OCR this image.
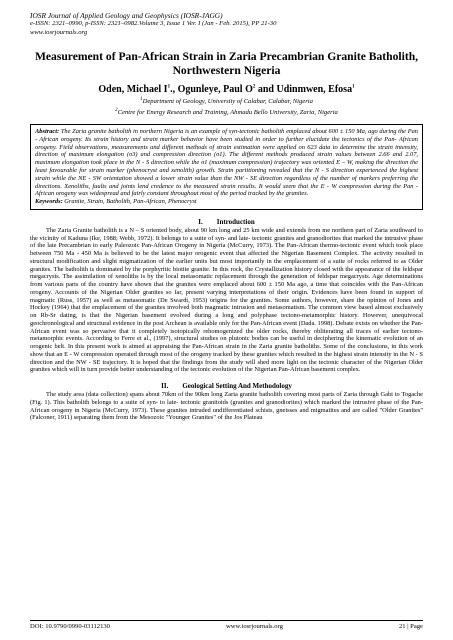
IOSR Journal of Applied Geology and Geophysics (IOSR-JAGG)
e-ISSN: 2321–0990, p-ISSN: 2321–0982.Volume 3, Issue 1 Ver. I (Jan - Feb. 2015), PP 21-30
www.iosrjournals.org
Measurement of Pan-African Strain in Zaria Precambrian Granite Batholith, Northwestern Nigeria
Oden, Michael $I^1$., Ogunleye, Paul $O^2$ and Udinmwen, Efosa$^1$
$^1$Department of Geology, University of Calabar, Calabar, Nigeria
$^2$Centre for Energy Research and Training, Ahmadu Bello University, Zaria, Nigeria
Abstract: The Zaria granite batholith in northern Nigeria is an example of syn-tectonic batholith emplaced about 600 ± 150 Ma, ago during the Pan - African orogeny. Its strain history and strain marker behavior have been studied in order to further elucidate the tectonics of the Pan- African orogeny. Field observations, measurements and different methods of strain estimation were applied on 623 data to determine the strain intensity, direction of maximum elongation (σ3) and compression direction (σ1). The different methods produced strain values between 2.66 and 2.07, maximum elongation took place in the N - S direction while the σ1 (maximum compression) trajectory was oriented E – W, making the direction the least favourable for strain marker (phenocryst and xenolith) growth. Strain partitioning revealed that the N - S direction experienced the highest strain while the NE - SW orientation showed a lower strain value than the NW - SE direction regardless of the number of markers preferring the directions. Xenoliths, faults and joints lend credence to the measured strain results. It would seem that the E - W compression during the Pan - African orogeny was widespread and fairly constant throughout most of the period tracked by the granites.
Keywords: Granite, Strain, Batholith, Pan-African, Phenocryst
I. Introduction

The Zaria Granite batholith is a N – S oriented body, about 90 km long and 25 km wide and extends from me northern part of Zaria southward to the vicinity of Kaduna (Ike, 1988; Webb, 1972). It belongs to a suite of syn- and late- tectonic granites and granodiorites that marked the intrusive phase of the late Precambrian to early Paleozoic Pan-African Orogeny in Nigeria (McCurry, 1973). The Pan-African thermo-tectonic event which took place between 750 Ma - 450 Ma is believed to be the latest major orogenic event that affected the Nigerian Basement Complex. The activity resulted in structural modification and slight migmatization of the earlier units but most importantly in the emplacement of a suite of rocks referred to as Older granites. The batholith is dominated by the porphyritic biotite granite. In this rock, the Crystallization history closed with the appearance of the feldspar megacrysts. The assimilation of xenoliths is by the local metasomatic replacement through the generation of feldspar megacrysts. Age determinations from various parts of the country have shown that the granites were emplaced about 600 ± 150 Ma ago, a time that coincides with the Pan-African orogeny. Accounts of the Nigerian Older granites so far, present varying interpretations of their origin. Evidences have been found in support of magmatic (Russ, 1957) as well as metasomatic (De Swardt, 1953) origins for the granites. Some authors, however, share the opinion of Jones and Hockey (1964) that the emplacement of the granites involved both magmatic intrusion and metasomatism. The common view based almost exclusively on Rb-Sr dating, is that the Nigerian basement evolved during a long and polyphase tectono-metamorphic history. However, unequivocal geochronological and structural evidence in the post Archean is available only for the Pan-African event (Dada. 1998). Debate exists on whether the Pan-African event was so pervasive that it completely isotopically rehomogenized the older rocks, thereby obliterating all traces of earlier tectono-metamorphic events. According to Ferre et al., (1997), structural studies on plutonic bodies can be useful in deciphering the kinematic evolution of an orogenic belt. In this present work is aimed at appraising the Pan-African strain in the Zaria granite batholiths. Some of the conclusions, in this work show that an E - W compression operated through most of the orogeny tracked by these granites which resulted in the highest strain intensity in the N - S direction and the NW - SE trajectory. It is hoped that the findings from the study will shed more light on the tectonic character of the Nigerian Older granites which will in turn provide better understanding of the tectonic evolution of the Nigerian Pan-African basement complex.

II. Geological Setting And Methodology

The study area (data collection) spans about 70km of the 90km long Zaria granite batholith covering most parts of Zaria through Gabi to Togache (Fig. 1). This batholith belongs to a suite of syn- to late- tectonic granitoids (granites and granodiorites) which marked the intrusive phase of the Pan-African orogeny in Nigeria (McCurry, 1973). These granites intruded undifferentiated schists, gneisses and migmatites and are called "Older Granites" (Falconer, 1911) separating them from the Mesozoic "Younger Granites" of the Jos Plateau

DOI: 10.9790/0990-03112130	www.iosrjournals.org	21 | Page
